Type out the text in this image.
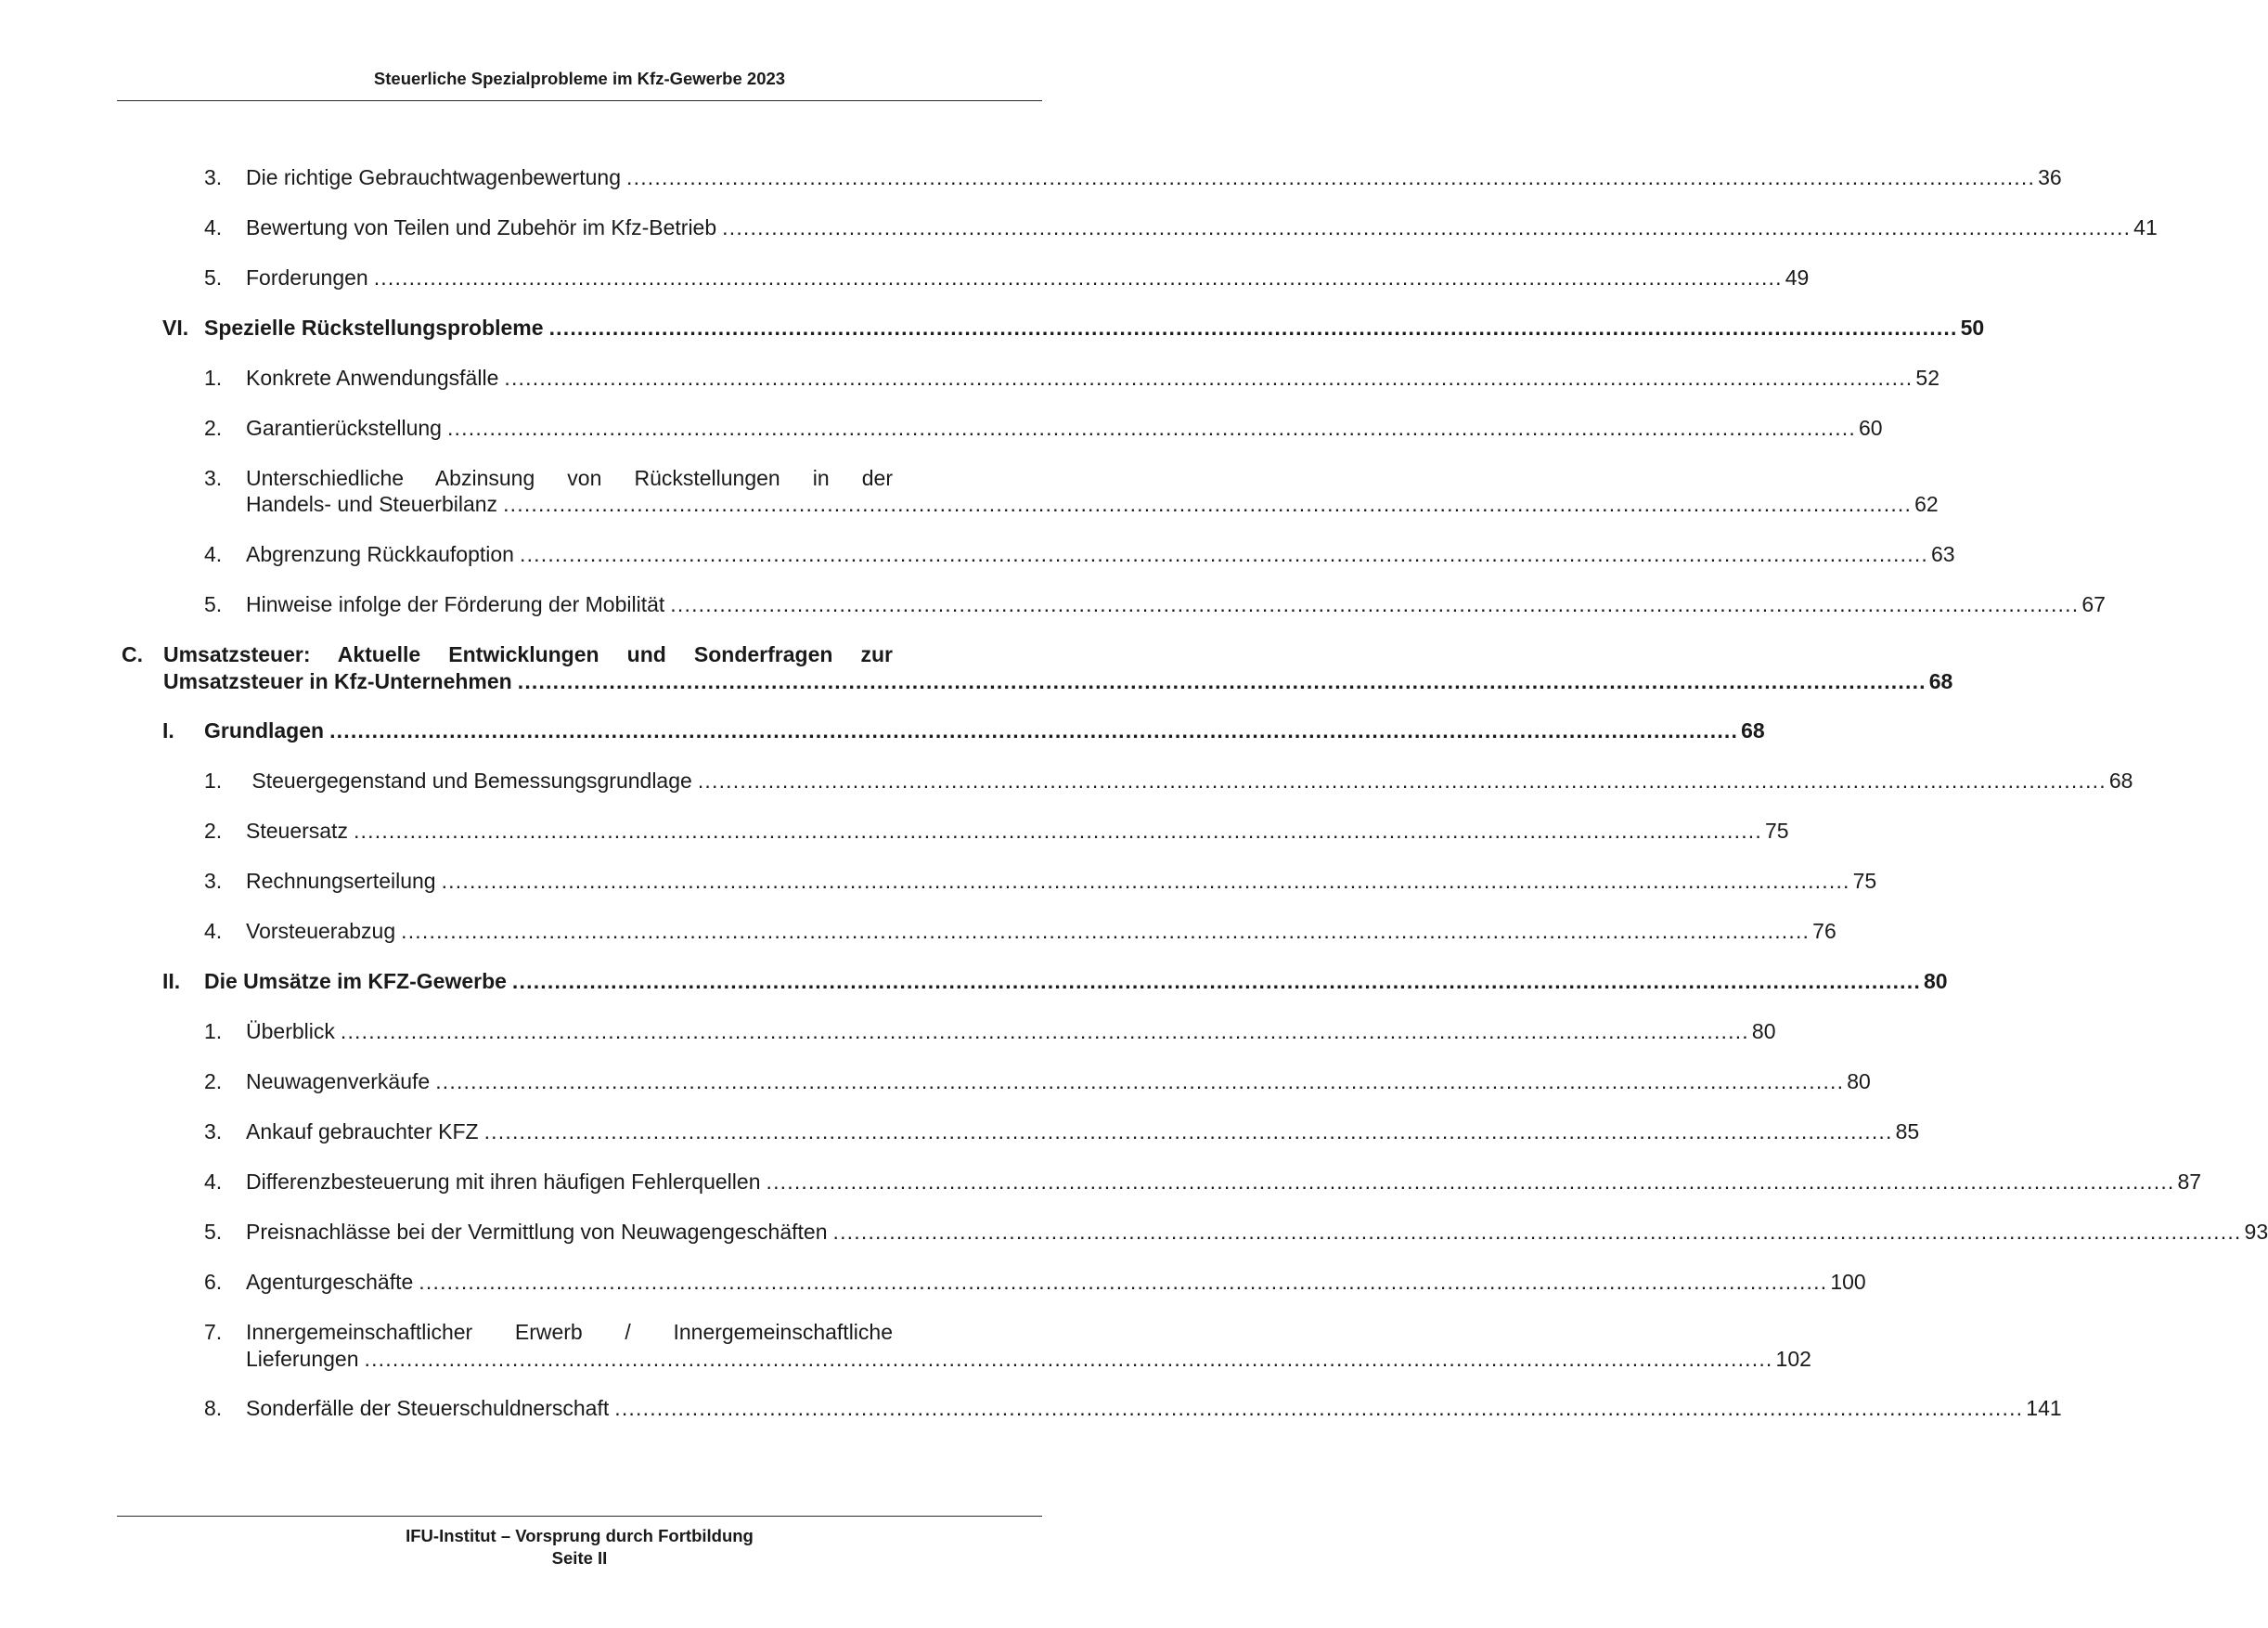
Steuerliche Spezialprobleme im Kfz-Gewerbe 2023
3. Die richtige Gebrauchtwagenbewertung ........................................................................................................................................................................................................ 36
4. Bewertung von Teilen und Zubehör im Kfz-Betrieb ........................................................................................................................................................................................................ 41
5. Forderungen ........................................................................................................................................................................................................ 49
VI. Spezielle Rückstellungsprobleme ........................................................................................................................................................................................................ 50
1. Konkrete Anwendungsfälle ........................................................................................................................................................................................................ 52
2. Garantierückstellung ........................................................................................................................................................................................................ 60
3. Unterschiedliche Abzinsung von Rückstellungen in der
Handels- und Steuerbilanz ........................................................................................................................................................................................................ 62
4. Abgrenzung Rückkaufoption ........................................................................................................................................................................................................ 63
5. Hinweise infolge der Förderung der Mobilität ........................................................................................................................................................................................................ 67
C. Umsatzsteuer: Aktuelle Entwicklungen und Sonderfragen zur
Umsatzsteuer in Kfz-Unternehmen ........................................................................................................................................................................................................ 68
I. Grundlagen ........................................................................................................................................................................................................ 68
1. Steuergegenstand und Bemessungsgrundlage ........................................................................................................................................................................................................ 68
2. Steuersatz ........................................................................................................................................................................................................ 75
3. Rechnungserteilung ........................................................................................................................................................................................................ 75
4. Vorsteuerabzug ........................................................................................................................................................................................................ 76
II. Die Umsätze im KFZ-Gewerbe ........................................................................................................................................................................................................ 80
1. Überblick ........................................................................................................................................................................................................ 80
2. Neuwagenverkäufe ........................................................................................................................................................................................................ 80
3. Ankauf gebrauchter KFZ ........................................................................................................................................................................................................ 85
4. Differenzbesteuerung mit ihren häufigen Fehlerquellen ........................................................................................................................................................................................................ 87
5. Preisnachlässe bei der Vermittlung von Neuwagengeschäften ........................................................................................................................................................................................................ 93
6. Agenturgeschäfte ........................................................................................................................................................................................................ 100
7. Innergemeinschaftlicher Erwerb / Innergemeinschaftliche
Lieferungen ........................................................................................................................................................................................................ 102
8. Sonderfälle der Steuerschuldnerschaft ........................................................................................................................................................................................................ 141
IFU-Institut – Vorsprung durch Fortbildung
Seite II
